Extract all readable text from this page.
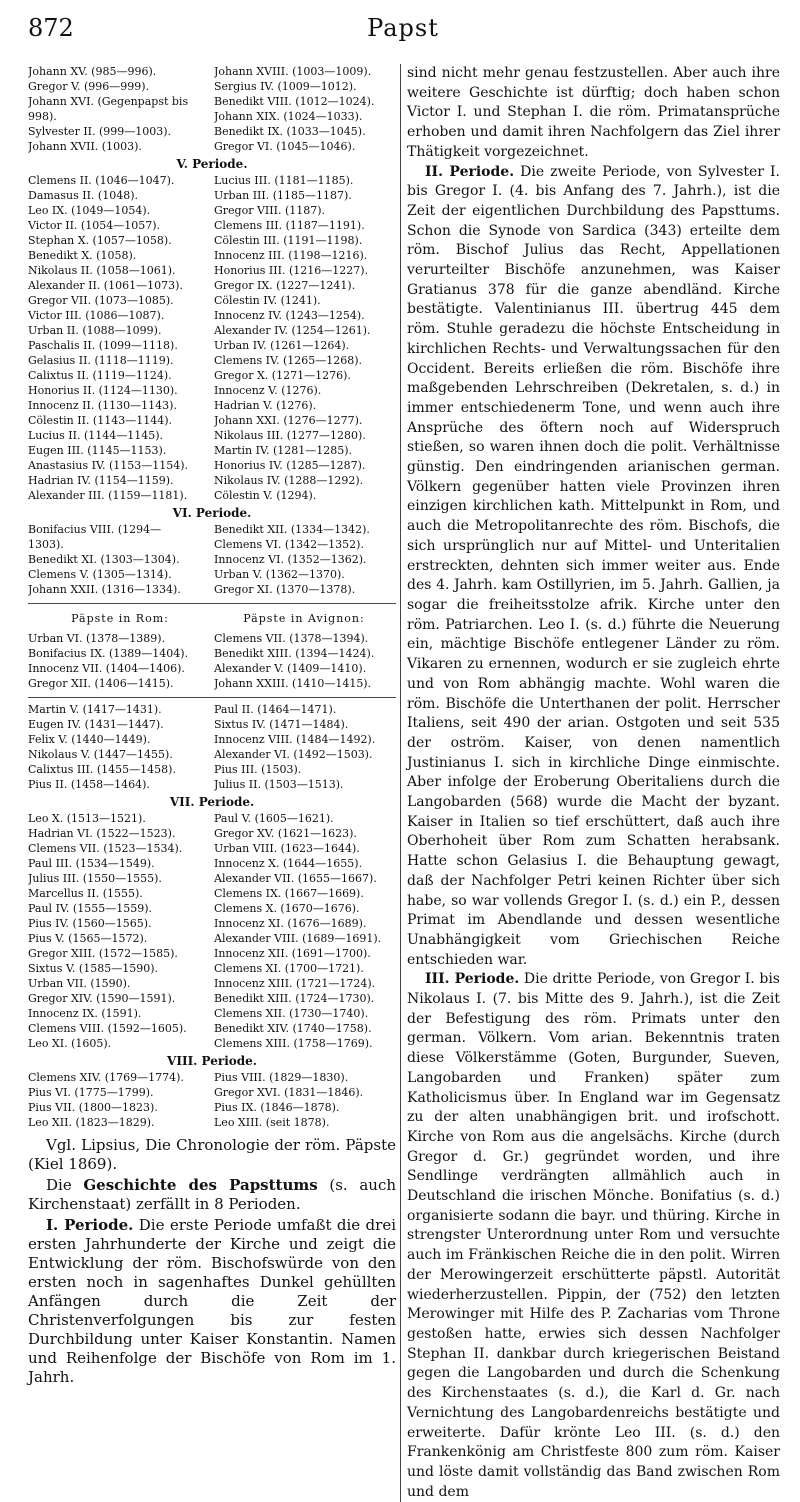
872	Papst
Johann XV. (985—996).	Johann XVIII. (1003—1009).
Gregor V. (996—999).	Sergius IV. (1009—1012).
Johann XVI. (Gegenpapst bis	Benedikt VIII. (1012—1024).
998).	Johann XIX. (1024—1033).
Sylvester II. (999—1003).	Benedikt IX. (1033—1045).
Johann XVII. (1003).	Gregor VI. (1045—1046).
V. Periode.
Clemens II. (1046—1047).	Lucius III. (1181—1185).
Damasus II. (1048).	Urban III. (1185—1187).
Leo IX. (1049—1054).	Gregor VIII. (1187).
Victor II. (1054—1057).	Clemens III. (1187—1191).
Stephan X. (1057—1058).	Cölestin III. (1191—1198).
Benedikt X. (1058).	Innocenz III. (1198—1216).
Nikolaus II. (1058—1061).	Honorius III. (1216—1227).
Alexander II. (1061—1073).	Gregor IX. (1227—1241).
Gregor VII. (1073—1085).	Cölestin IV. (1241).
Victor III. (1086—1087).	Innocenz IV. (1243—1254).
Urban II. (1088—1099).	Alexander IV. (1254—1261).
Paschalis II. (1099—1118).	Urban IV. (1261—1264).
Gelasius II. (1118—1119).	Clemens IV. (1265—1268).
Calixtus II. (1119—1124).	Gregor X. (1271—1276).
Honorius II. (1124—1130).	Innocenz V. (1276).
Innocenz II. (1130—1143).	Hadrian V. (1276).
Cölestin II. (1143—1144).	Johann XXI. (1276—1277).
Lucius II. (1144—1145).	Nikolaus III. (1277—1280).
Eugen III. (1145—1153).	Martin IV. (1281—1285).
Anastasius IV. (1153—1154).	Honorius IV. (1285—1287).
Hadrian IV. (1154—1159).	Nikolaus IV. (1288—1292).
Alexander III. (1159—1181).	Cölestin V. (1294).
VI. Periode.
Bonifacius VIII. (1294—	Benedikt XII. (1334—1342).
1303).	Clemens VI. (1342—1352).
Benedikt XI. (1303—1304).	Innocenz VI. (1352—1362).
Clemens V. (1305—1314).	Urban V. (1362—1370).
Johann XXII. (1316—1334).	Gregor XI. (1370—1378).
Päpste in Rom:	Päpste in Avignon:
Urban VI. (1378—1389).	Clemens VII. (1378—1394).
Bonifacius IX. (1389—1404).	Benedikt XIII. (1394—1424).
Innocenz VII. (1404—1406).	Alexander V. (1409—1410).
Gregor XII. (1406—1415).	Johann XXIII. (1410—1415).
Martin V. (1417—1431).	Paul II. (1464—1471).
Eugen IV. (1431—1447).	Sixtus IV. (1471—1484).
Felix V. (1440—1449).	Innocenz VIII. (1484—1492).
Nikolaus V. (1447—1455).	Alexander VI. (1492—1503).
Calixtus III. (1455—1458).	Pius III. (1503).
Pius II. (1458—1464).	Julius II. (1503—1513).
VII. Periode.
Leo X. (1513—1521).	Paul V. (1605—1621).
Hadrian VI. (1522—1523).	Gregor XV. (1621—1623).
Clemens VII. (1523—1534).	Urban VIII. (1623—1644).
Paul III. (1534—1549).	Innocenz X. (1644—1655).
Julius III. (1550—1555).	Alexander VII. (1655—1667).
Marcellus II. (1555).	Clemens IX. (1667—1669).
Paul IV. (1555—1559).	Clemens X. (1670—1676).
Pius IV. (1560—1565).	Innocenz XI. (1676—1689).
Pius V. (1565—1572).	Alexander VIII. (1689—1691).
Gregor XIII. (1572—1585).	Innocenz XII. (1691—1700).
Sixtus V. (1585—1590).	Clemens XI. (1700—1721).
Urban VII. (1590).	Innocenz XIII. (1721—1724).
Gregor XIV. (1590—1591).	Benedikt XIII. (1724—1730).
Innocenz IX. (1591).	Clemens XII. (1730—1740).
Clemens VIII. (1592—1605).	Benedikt XIV. (1740—1758).
Leo XI. (1605).	Clemens XIII. (1758—1769).
VIII. Periode.
Clemens XIV. (1769—1774).	Pius VIII. (1829—1830).
Pius VI. (1775—1799).	Gregor XVI. (1831—1846).
Pius VII. (1800—1823).	Pius IX. (1846—1878).
Leo XII. (1823—1829).	Leo XIII. (seit 1878).

Vgl. Lipsius, Die Chronologie der röm. Päpste (Kiel 1869).

Die Geschichte des Papsttums (s. auch Kirchenstaat) zerfällt in 8 Perioden.

I. Periode. Die erste Periode umfaßt die drei ersten Jahrhunderte der Kirche und zeigt die Entwicklung der röm. Bischofswürde von den ersten noch in sagenhaftes Dunkel gehüllten Anfängen durch die Zeit der Christenverfolgungen bis zur festen Durchbildung unter Kaiser Konstantin. Namen und Reihenfolge der Bischöfe von Rom im 1. Jahrh.

sind nicht mehr genau festzustellen. Aber auch ihre weitere Geschichte ist dürftig; doch haben schon Victor I. und Stephan I. die röm. Primatansprüche erhoben und damit ihren Nachfolgern das Ziel ihrer Thätigkeit vorgezeichnet.

II. Periode. Die zweite Periode, von Sylvester I. bis Gregor I. (4. bis Anfang des 7. Jahrh.), ist die Zeit der eigentlichen Durchbildung des Papsttums. Schon die Synode von Sardica (343) erteilte dem röm. Bischof Julius das Recht, Appellationen verurteilter Bischöfe anzunehmen, was Kaiser Gratianus 378 für die ganze abendländ. Kirche bestätigte. Valentinianus III. übertrug 445 dem röm. Stuhle geradezu die höchste Entscheidung in kirchlichen Rechts- und Verwaltungssachen für den Occident. Bereits erließen die röm. Bischöfe ihre maßgebenden Lehrschreiben (Dekretalen, s. d.) in immer entschiedenerm Tone, und wenn auch ihre Ansprüche des öftern noch auf Widerspruch stießen, so waren ihnen doch die polit. Verhältnisse günstig. Den eindringenden arianischen german. Völkern gegenüber hatten viele Provinzen ihren einzigen kirchlichen kath. Mittelpunkt in Rom, und auch die Metropolitanrechte des röm. Bischofs, die sich ursprünglich nur auf Mittel- und Unteritalien erstreckten, dehnten sich immer weiter aus. Ende des 4. Jahrh. kam Ostillyrien, im 5. Jahrh. Gallien, ja sogar die freiheitsstolze afrik. Kirche unter den röm. Patriarchen. Leo I. (s. d.) führte die Neuerung ein, mächtige Bischöfe entlegener Länder zu röm. Vikaren zu ernennen, wodurch er sie zugleich ehrte und von Rom abhängig machte. Wohl waren die röm. Bischöfe die Unterthanen der polit. Herrscher Italiens, seit 490 der arian. Ostgoten und seit 535 der oström. Kaiser, von denen namentlich Justinianus I. sich in kirchliche Dinge einmischte. Aber infolge der Eroberung Oberitaliens durch die Langobarden (568) wurde die Macht der byzant. Kaiser in Italien so tief erschüttert, daß auch ihre Oberhoheit über Rom zum Schatten herabsank. Hatte schon Gelasius I. die Behauptung gewagt, daß der Nachfolger Petri keinen Richter über sich habe, so war vollends Gregor I. (s. d.) ein P., dessen Primat im Abendlande und dessen wesentliche Unabhängigkeit vom Griechischen Reiche entschieden war.

III. Periode. Die dritte Periode, von Gregor I. bis Nikolaus I. (7. bis Mitte des 9. Jahrh.), ist die Zeit der Befestigung des röm. Primats unter den german. Völkern. Vom arian. Bekenntnis traten diese Völkerstämme (Goten, Burgunder, Sueven, Langobarden und Franken) später zum Katholicismus über. In England war im Gegensatz zu der alten unabhängigen brit. und irofschott. Kirche von Rom aus die angelsächs. Kirche (durch Gregor d. Gr.) gegründet worden, und ihre Sendlinge verdrängten allmählich auch in Deutschland die irischen Mönche. Bonifatius (s. d.) organisierte sodann die bayr. und thüring. Kirche in strengster Unterordnung unter Rom und versuchte auch im Fränkischen Reiche die in den polit. Wirren der Merowingerzeit erschütterte päpstl. Autorität wiederherzustellen. Pippin, der (752) den letzten Merowinger mit Hilfe des P. Zacharias vom Throne gestoßen hatte, erwies sich dessen Nachfolger Stephan II. dankbar durch kriegerischen Beistand gegen die Langobarden und durch die Schenkung des Kirchenstaates (s. d.), die Karl d. Gr. nach Vernichtung des Langobardenreichs bestätigte und erweiterte. Dafür krönte Leo III. (s. d.) den Frankenkönig am Christfeste 800 zum röm. Kaiser und löste damit vollständig das Band zwischen Rom und dem
